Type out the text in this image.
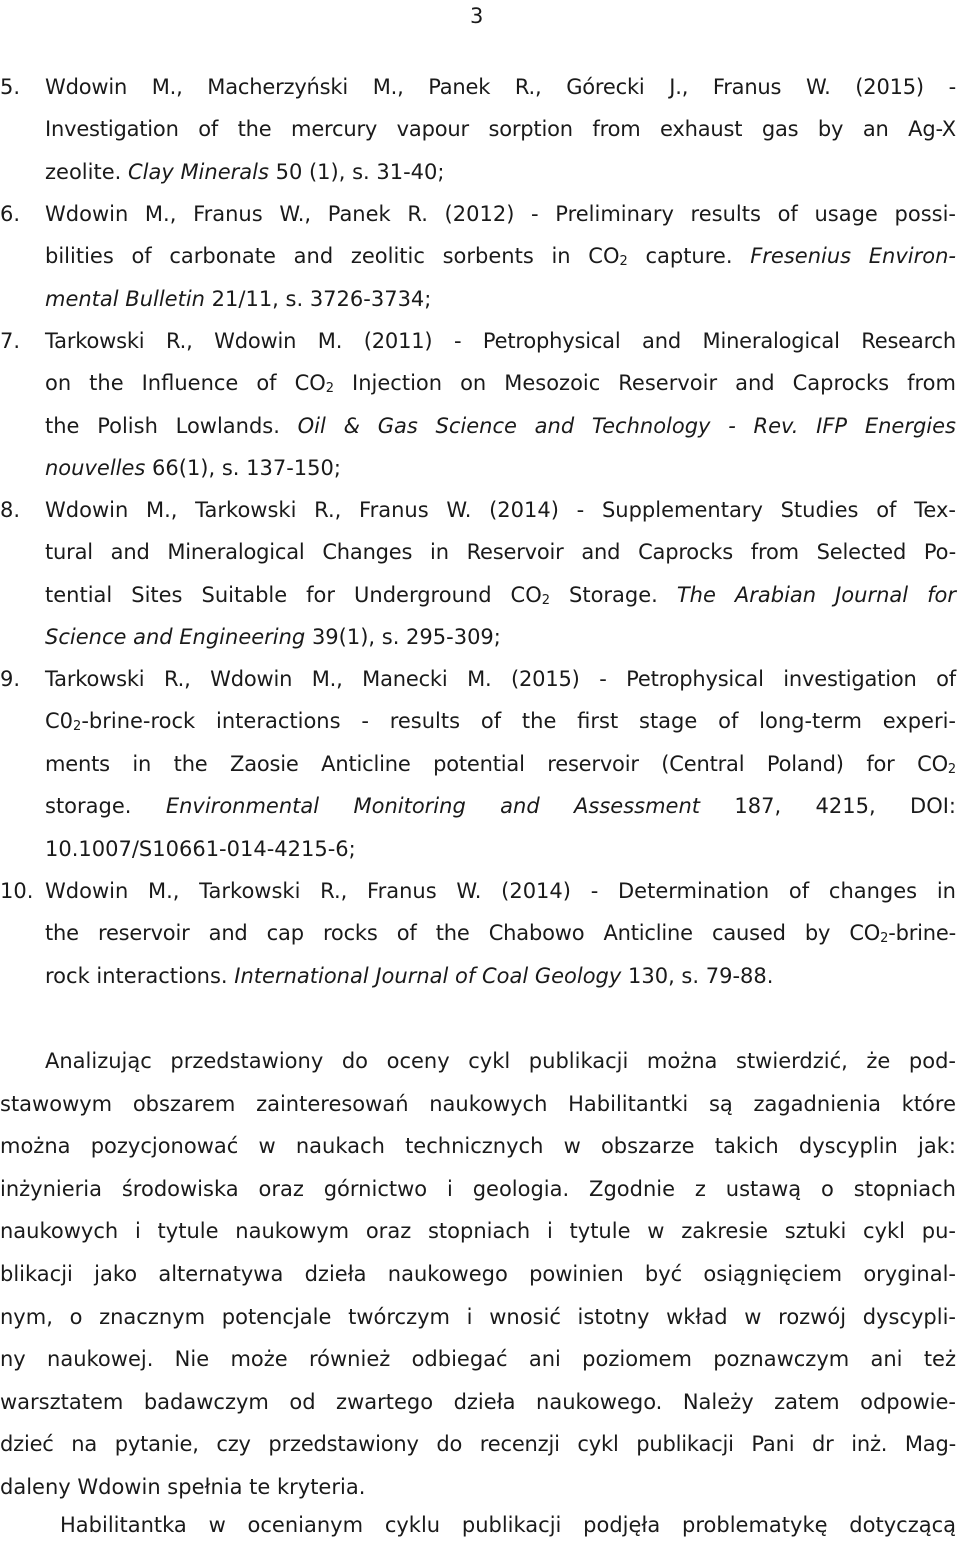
3
5. Wdowin M., Macherzyński M., Panek R., Górecki J., Franus W. (2015) -
Investigation of the mercury vapour sorption from exhaust gas by an Ag-X
zeolite. Clay Minerals 50 (1), s. 31-40;
6. Wdowin M., Franus W., Panek R. (2012) - Preliminary results of usage possi-
bilities of carbonate and zeolitic sorbents in $CO_2$ capture. Fresenius Environ-
mental Bulletin 21/11, s. 3726-3734;
7. Tarkowski R., Wdowin M. (2011) - Petrophysical and Mineralogical Research
on the Influence of $CO_2$ Injection on Mesozoic Reservoir and Caprocks from
the Polish Lowlands. Oil & Gas Science and Technology - Rev. IFP Energies
nouvelles 66(1), s. 137-150;
8. Wdowin M., Tarkowski R., Franus W. (2014) - Supplementary Studies of Tex-
tural and Mineralogical Changes in Reservoir and Caprocks from Selected Po-
tential Sites Suitable for Underground $CO_2$ Storage. The Arabian Journal for
Science and Engineering 39(1), s. 295-309;
9. Tarkowski R., Wdowin M., Manecki M. (2015) - Petrophysical investigation of
$C0_2-brine$-rock interactions - results of the first stage of long-term experi-
ments in the Zaosie Anticline potential reservoir (Central Poland) for $CO_2$
storage. Environmental Monitoring and Assessment 187, 4215, DOI:
10.1007/S10661-014-4215-6;
10. Wdowin M., Tarkowski R., Franus W. (2014) - Determination of changes in
the reservoir and cap rocks of the Chabowo Anticline caused by $CO_2-brine-$
rock interactions. International Journal of Coal Geology 130, s. 79-88.
Analizując przedstawiony do oceny cykl publikacji można stwierdzić, że pod-
stawowym obszarem zainteresowań naukowych Habilitantki są zagadnienia które
można pozycjonować w naukach technicznych w obszarze takich dyscyplin jak:
inżynieria środowiska oraz górnictwo i geologia. Zgodnie z ustawą o stopniach
naukowych i tytule naukowym oraz stopniach i tytule w zakresie sztuki cykl pu-
blikacji jako alternatywa dzieła naukowego powinien być osiągnięciem oryginal-
nym, o znacznym potencjale twórczym i wnosić istotny wkład w rozwój dyscypli-
ny naukowej. Nie może również odbiegać ani poziomem poznawczym ani też
warsztatem badawczym od zwartego dzieła naukowego. Należy zatem odpowie-
dzieć na pytanie, czy przedstawiony do recenzji cykl publikacji Pani dr inż. Mag-
daleny Wdowin spełnia te kryteria.
Habilitantka w ocenianym cyklu publikacji podjęła problematykę dotyczącą
